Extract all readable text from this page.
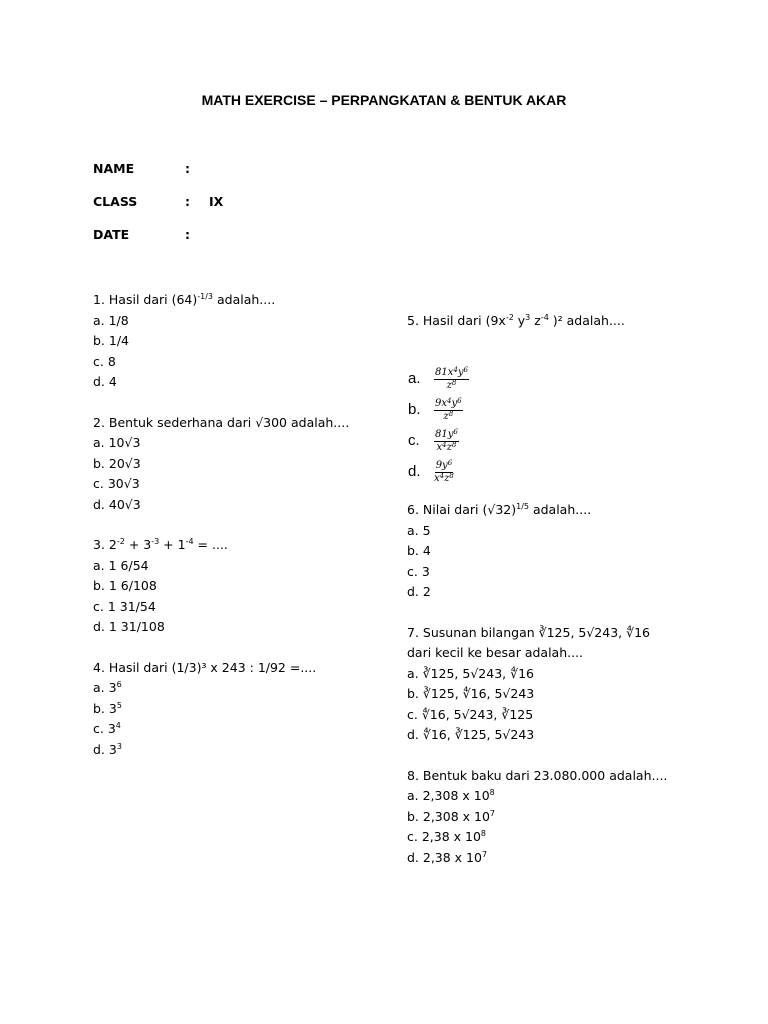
MATH EXERCISE – PERPANGKATAN & BENTUK AKAR
NAME	:
CLASS	: IX
DATE	:

1. Hasil dari $(64)^{-1/3}$ adalah....

a. 1/8

b. 1/4

c. 8

d. 4

2. Bentuk sederhana dari √300 adalah....

a. 10√3

b. 20√3

c. 30√3

d. 40√3

3. $2^{-2} + 3^{-3} + 1^{-4}$ = ....

a. 1 6/54

b. 1 6/108

c. 1 31/54

d. 1 31/108

4. Hasil dari (1/3)³ x 243 : 1/92 =....

a. $3^6$

b. $3^5$

c. $3^4$

d. $3^3$

5. Hasil dari ($9x^{-2}$ $y^3$ $z^{-4}$ )² adalah....

a.	$\frac{81x^4y^6}{z^8}$
b.	$\frac{9x^4y^6}{z^8}$
c.	$\frac{81y^6}{x^4z^8}$
d.	$\frac{9y^6}{x^4z^8}$

6. Nilai dari $(√32)^{1/5}$ adalah....

a. 5

b. 4

c. 3

d. 2

7. Susunan bilangan ∛125, 5√243, ∜16

dari kecil ke besar adalah....

a. ∛125, 5√243, ∜16

b. ∛125, ∜16, 5√243

c. ∜16, 5√243, ∛125

d. ∜16, ∛125, 5√243

8. Bentuk baku dari 23.080.000 adalah....

a. 2,308 x $10^8$

b. 2,308 x $10^7$

c. 2,38 x $10^8$

d. 2,38 x $10^7$
